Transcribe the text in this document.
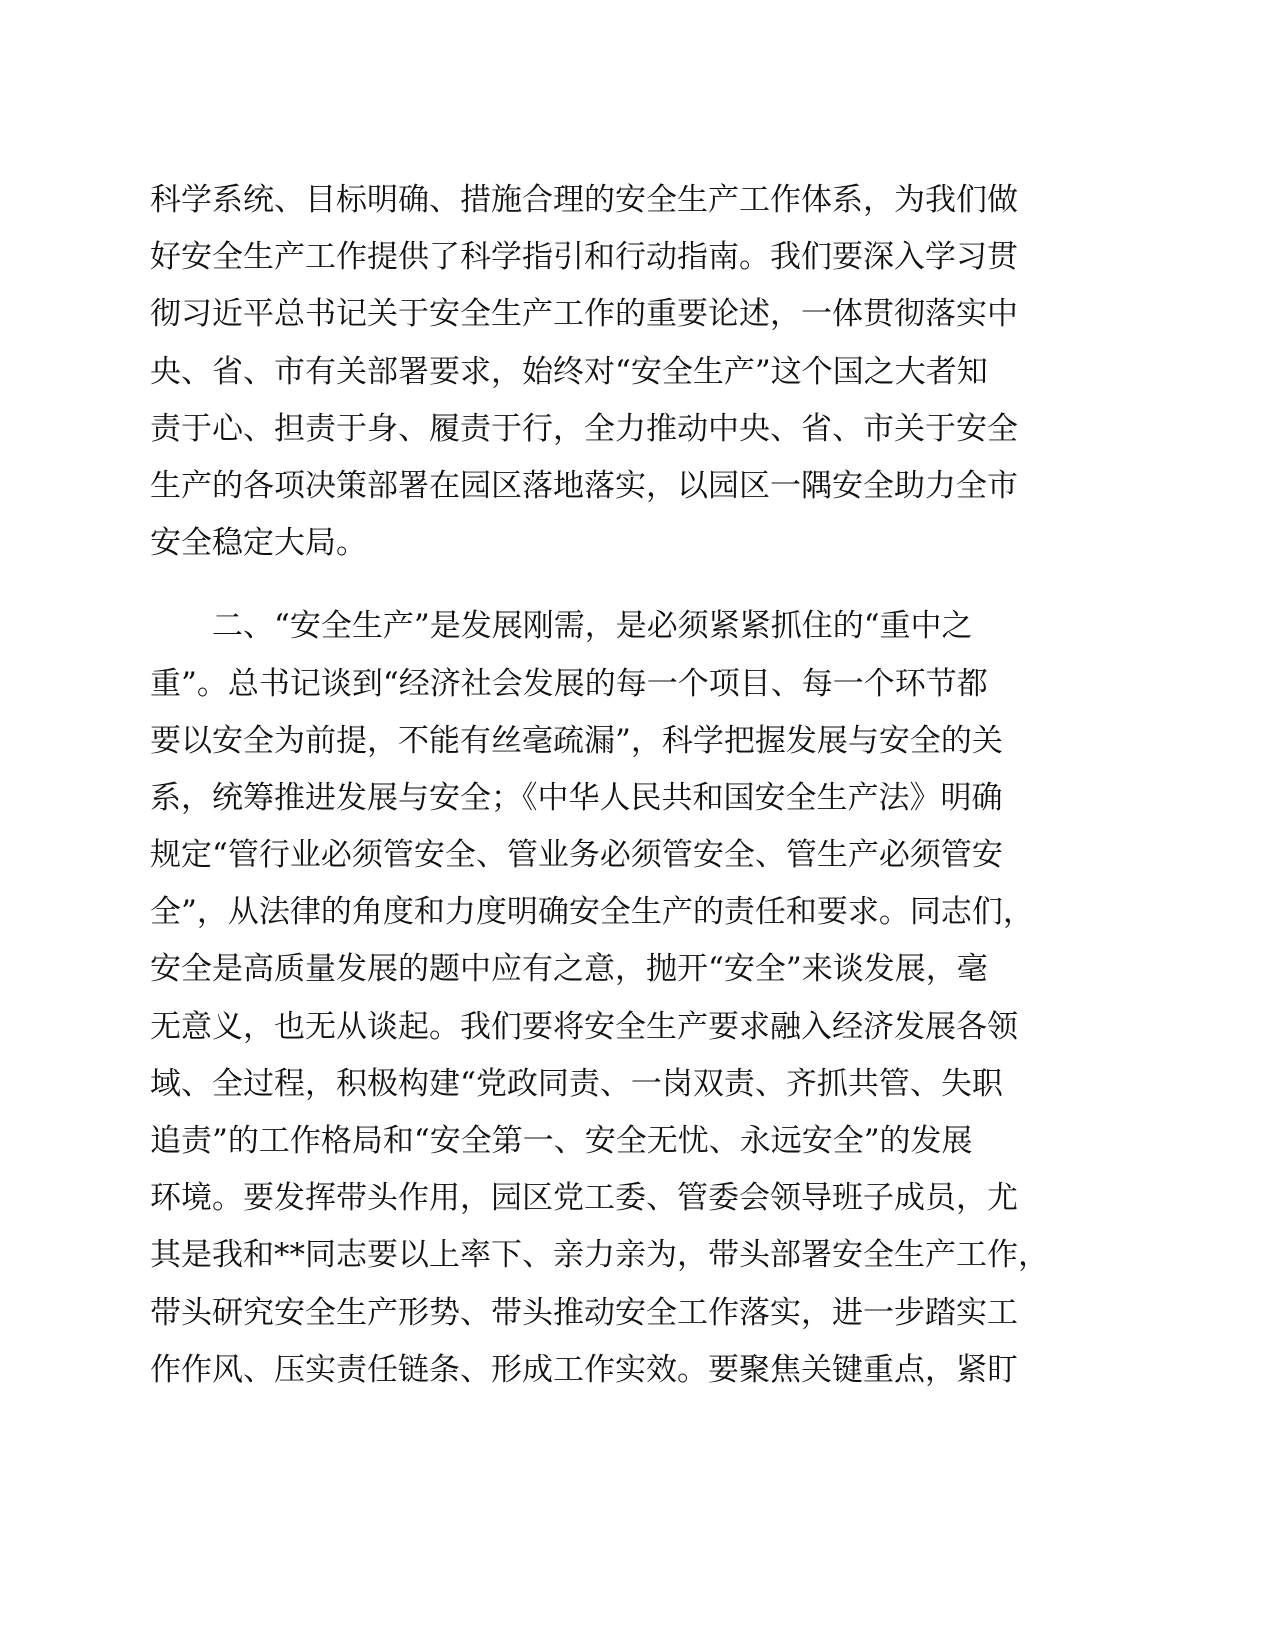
科学系统、目标明确、措施合理的安全生产工作体系，为我们做
好安全生产工作提供了科学指引和行动指南。我们要深入学习贯
彻习近平总书记关于安全生产工作的重要论述，一体贯彻落实中
央、省、市有关部署要求，始终对“安全生产”这个国之大者知
责于心、担责于身、履责于行，全力推动中央、省、市关于安全
生产的各项决策部署在园区落地落实，以园区一隅安全助力全市
安全稳定大局。
二、“安全生产”是发展刚需，是必须紧紧抓住的“重中之
重”。总书记谈到“经济社会发展的每一个项目、每一个环节都
要以安全为前提，不能有丝毫疏漏”，科学把握发展与安全的关
系，统筹推进发展与安全；《中华人民共和国安全生产法》明确
规定“管行业必须管安全、管业务必须管安全、管生产必须管安
全”，从法律的角度和力度明确安全生产的责任和要求。同志们，
安全是高质量发展的题中应有之意，抛开“安全”来谈发展，毫
无意义，也无从谈起。我们要将安全生产要求融入经济发展各领
域、全过程，积极构建“党政同责、一岗双责、齐抓共管、失职
追责”的工作格局和“安全第一、安全无忧、永远安全”的发展
环境。要发挥带头作用，园区党工委、管委会领导班子成员，尤
其是我和**同志要以上率下、亲力亲为，带头部署安全生产工作，
带头研究安全生产形势、带头推动安全工作落实，进一步踏实工
作作风、压实责任链条、形成工作实效。要聚焦关键重点，紧盯
